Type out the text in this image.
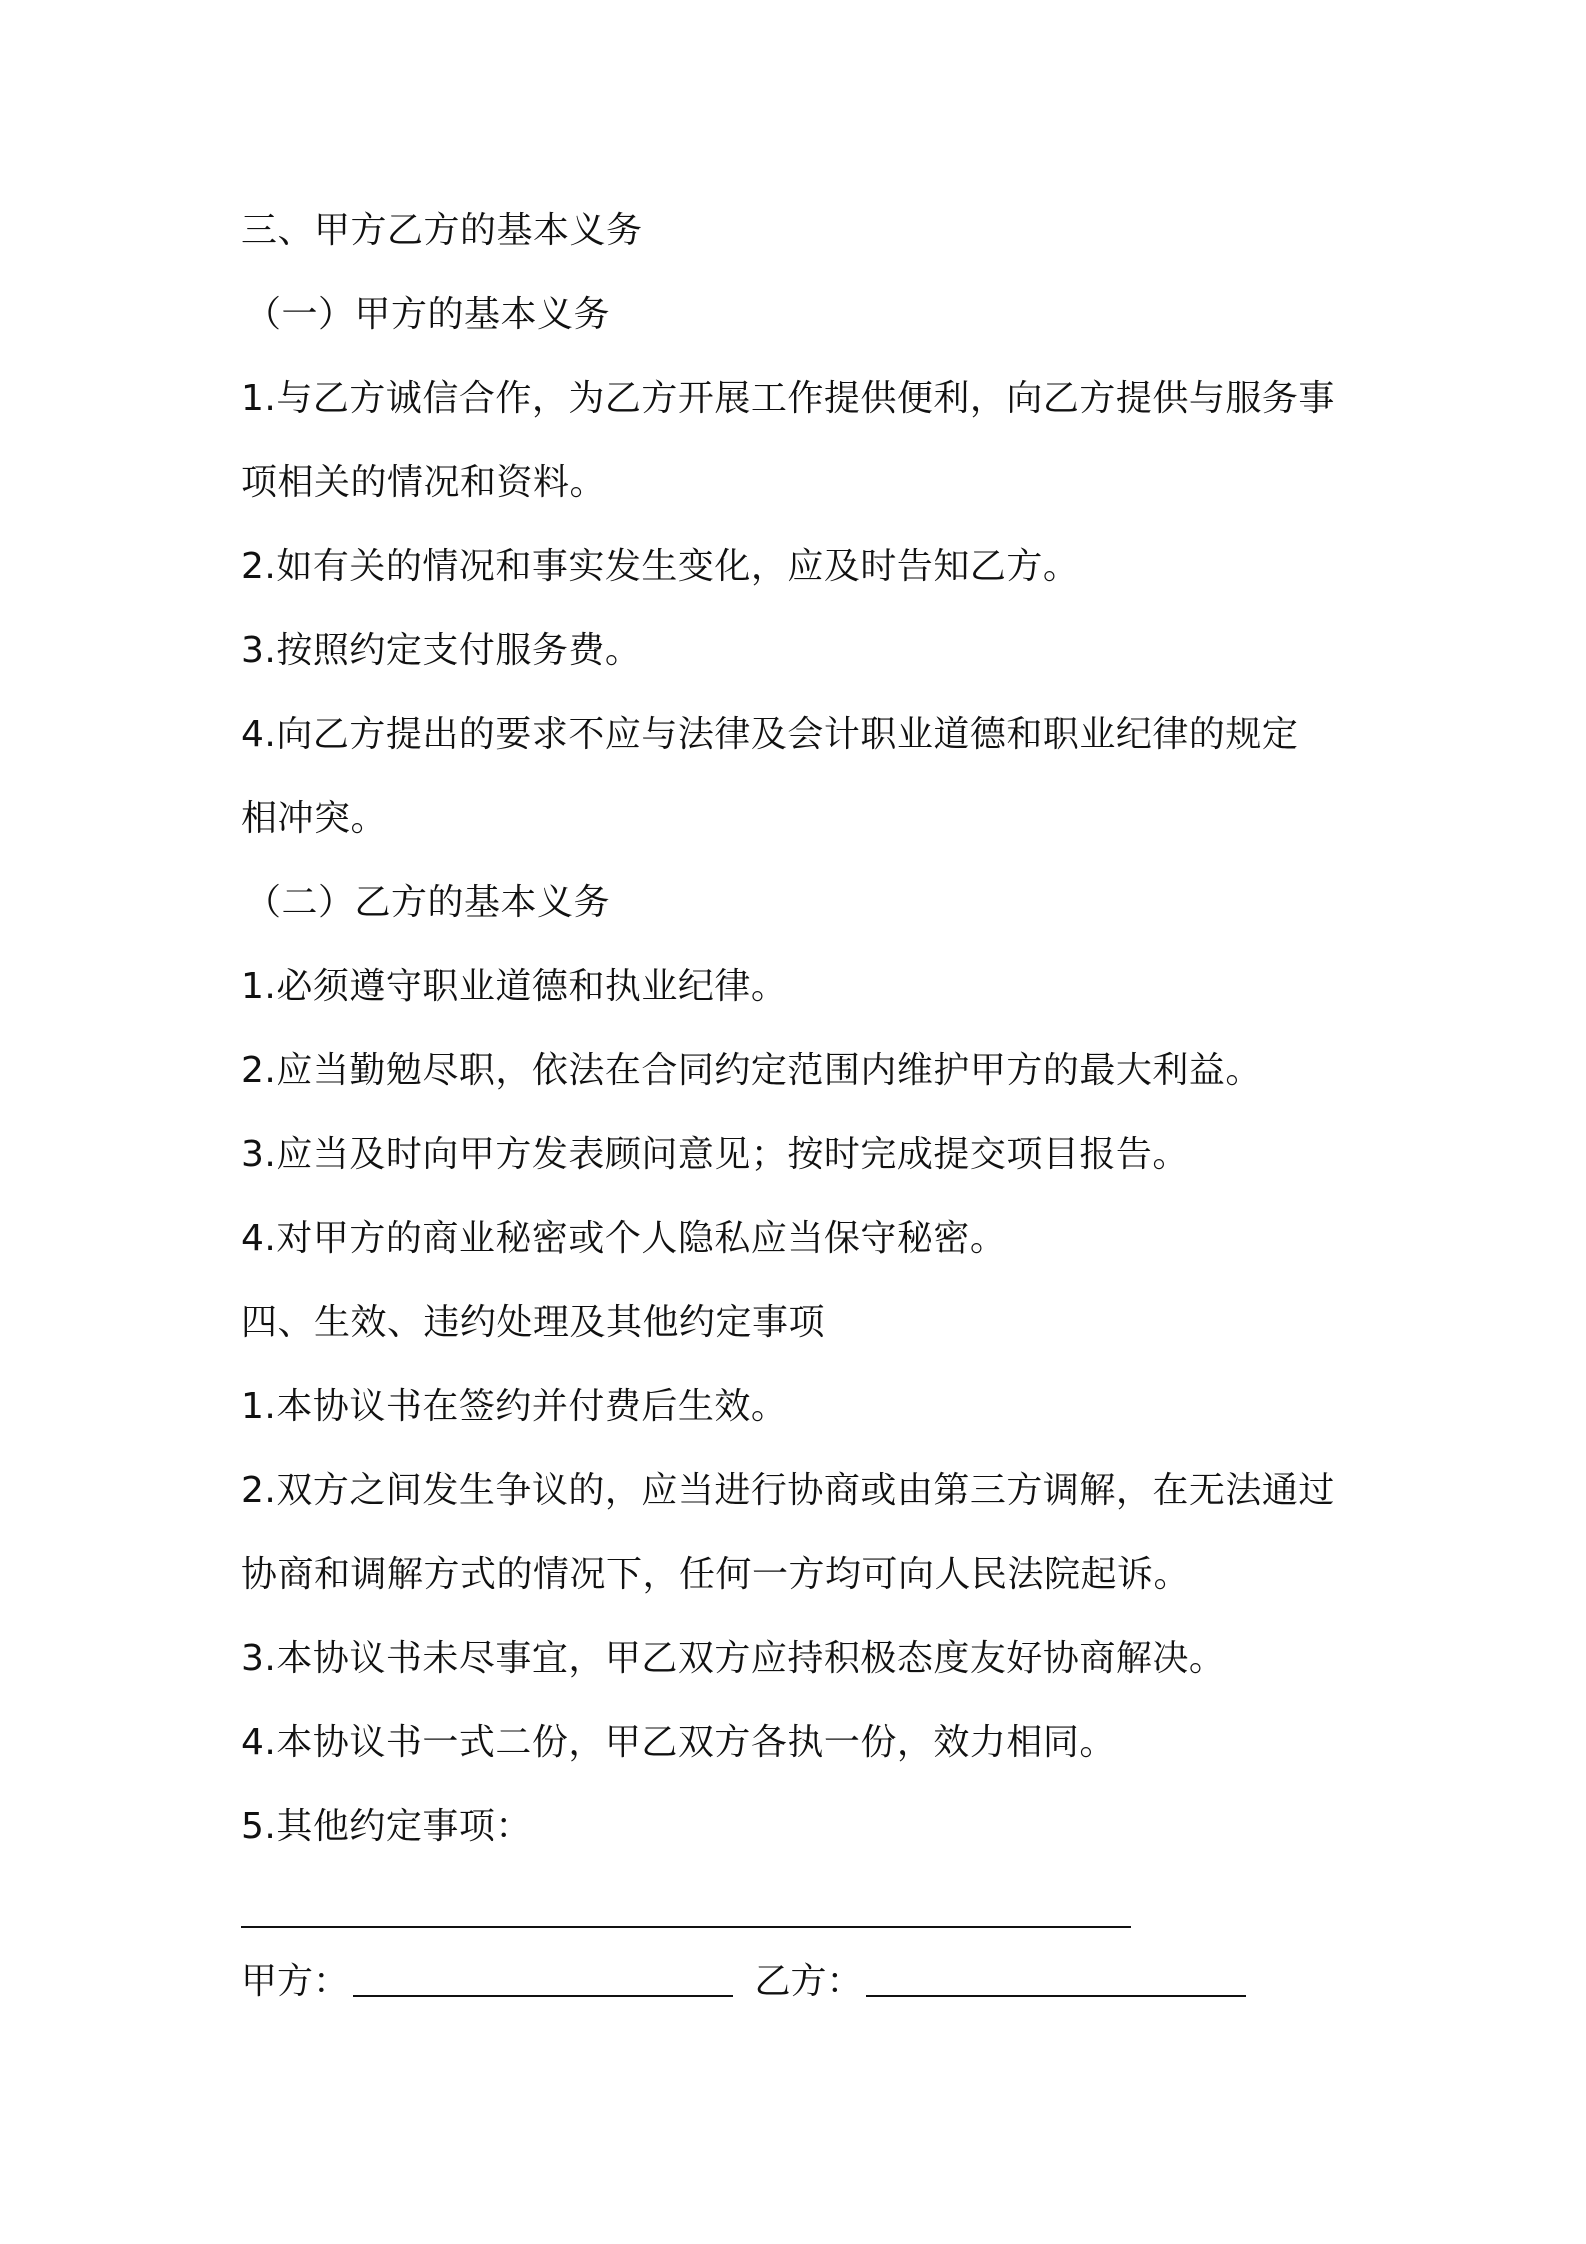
三、甲方乙方的基本义务
（一）甲方的基本义务
1.与乙方诚信合作，为乙方开展工作提供便利，向乙方提供与服务事
项相关的情况和资料。
2.如有关的情况和事实发生变化，应及时告知乙方。
3.按照约定支付服务费。
4.向乙方提出的要求不应与法律及会计职业道德和职业纪律的规定
相冲突。
（二）乙方的基本义务
1.必须遵守职业道德和执业纪律。
2.应当勤勉尽职，依法在合同约定范围内维护甲方的最大利益。
3.应当及时向甲方发表顾问意见；按时完成提交项目报告。
4.对甲方的商业秘密或个人隐私应当保守秘密。
四、生效、违约处理及其他约定事项
1.本协议书在签约并付费后生效。
2.双方之间发生争议的，应当进行协商或由第三方调解，在无法通过
协商和调解方式的情况下，任何一方均可向人民法院起诉。
3.本协议书未尽事宜，甲乙双方应持积极态度友好协商解决。
4.本协议书一式二份，甲乙双方各执一份，效力相同。
5.其他约定事项：
甲方：	乙方：
